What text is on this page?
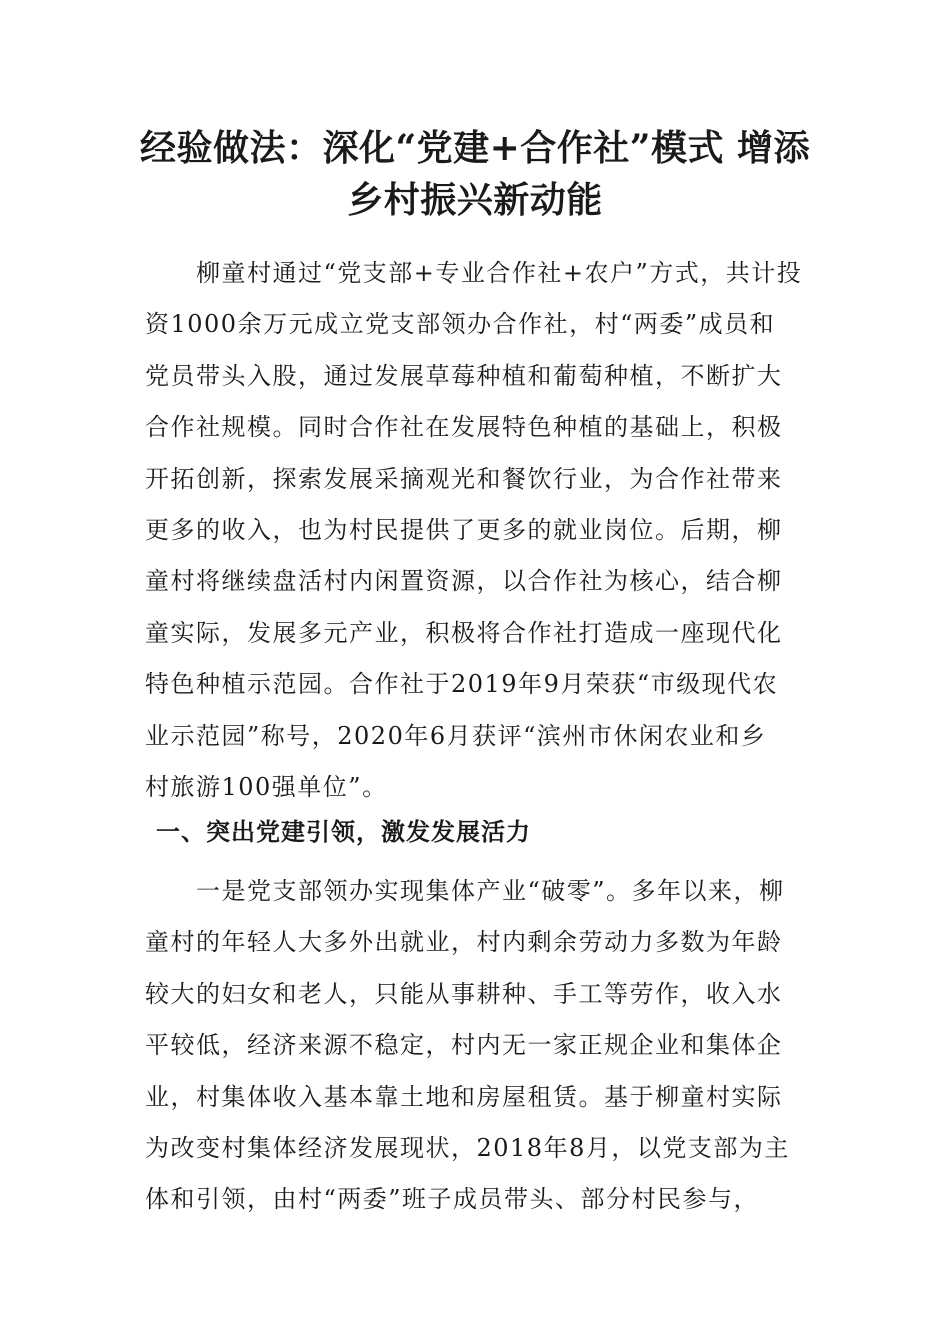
经验做法：深化“党建+合作社”模式 增添
乡村振兴新动能

　　柳童村通过“党支部+专业合作社+农户”方式，共计投
资1000余万元成立党支部领办合作社，村“两委”成员和
党员带头入股，通过发展草莓种植和葡萄种植，不断扩大
合作社规模。同时合作社在发展特色种植的基础上，积极
开拓创新，探索发展采摘观光和餐饮行业，为合作社带来
更多的收入，也为村民提供了更多的就业岗位。后期，柳
童村将继续盘活村内闲置资源，以合作社为核心，结合柳
童实际，发展多元产业，积极将合作社打造成一座现代化
特色种植示范园。合作社于2019年9月荣获“市级现代农
业示范园”称号，2020年6月获评“滨州市休闲农业和乡
村旅游100强单位”。

一、突出党建引领，激发发展活力

　　一是党支部领办实现集体产业“破零”。多年以来，柳
童村的年轻人大多外出就业，村内剩余劳动力多数为年龄
较大的妇女和老人，只能从事耕种、手工等劳作，收入水
平较低，经济来源不稳定，村内无一家正规企业和集体企
业，村集体收入基本靠土地和房屋租赁。基于柳童村实际
为改变村集体经济发展现状，2018年8月，以党支部为主
体和引领，由村“两委”班子成员带头、部分村民参与，
